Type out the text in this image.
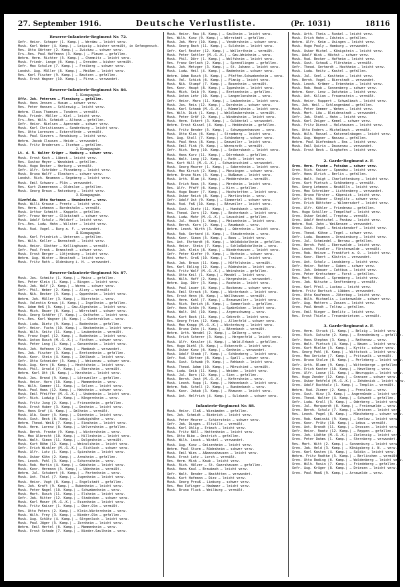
27. September 1916.	Deutsche Verlustliste.	(Pr. 1031)	18116
Reserve-Infanterie-Regiment Nr. 72.
Gefr. Heinr. Schaper (1. Komp.) — Werdau — leicht verw.
Musk. Karl Weber (4. Komp.) — Leipzig — bisher vermißt, in Gefangensch.
Res. Otto Gärtner (2. Komp.) — Zwickau — schwer verw.
Ers.-Res. Paul Hoffmann (3. Komp.) — Plauen — gefallen.
Wehrm. Herm. Richter (5. Komp.) — Chemnitz — leicht verw.
Musk. Friedr. Lange (6. Komp.) — Dresden — bisher vermißt.
Gefr. Max Schulze (7. Komp.) — Freiberg — schwer verw.
Landst. Aug. Müller (8. Komp.) — Meißen — leicht verw.
Res. Karl Fischer (9. Komp.) — Bautzen — gefallen.
Musk. Ernst Wagner (10. Komp.) — Pirna — verwundet.
Reserve-Infanterie-Regiment Nr. 86.
1. Kompagnie.
Uffz. Joh. Petersen — Flensburg — gefallen.
Musk. Hans Jensen — Husum — schwer verw.
Res. Peter Hansen — Schleswig — leicht verw.
Wehrm. Claus Thomsen — Tondern — vermißt.
Musk. Friedr. Möller — Kiel — leicht verw.
Ers.-Res. Wilh. Schmidt — Altona — gefallen.
Gefr. Heinr. Nielsen — Apenrade — schwer verw.
Musk. Karl Christiansen — Sonderburg — leicht verw.
Res. Otto Lorenzen — Eckernförde — vermißt.
Musk. Paul Sievers — Rendsburg — leicht verw.
Wehrm. Jacob Clausen — Heide — verwundet.
Musk. Fritz Brodersen — Itzehoe — gefallen.
2. Kompagnie.
Lt. d. R. Walter Krüger — Hamburg — schwer verw.
Musk. Ernst Koch — Lübeck — leicht verw.
Res. Gustav Meyer — Wandsbek — gefallen.
Musk. Hugo Becker — Harburg — vermißt.
Gefr. Alfr. Schröder — Pinneberg — leicht verw.
Musk. Bruno Wolff — Elmshorn — schwer verw.
Landst. Rich. Neumann — Segeberg — leicht verw.
Musk. Emil Schwarz — Plön — verwundet.
Res. Kurt Zimmermann — Oldesloe — gefallen.
Musk. Georg Braun — Ratzeburg — leicht verw.
3. Kompagnie.
Vizefeldw. Otto Hartmann — Neumünster — verw.
Musk. Willi Krause — Preetz — leicht verw.
Res. Herm. Lehmann — Bordesholm — vermißt.
Musk. Arthur Schmitt — Kappeln — gefallen.
Gefr. Franz Werner — Glückstadt — schwer verw.
Musk. Adolf Schulz — Meldorf — leicht verw.
Ers.-Res. Ludw. Hahn — Wilster — leicht verw.
Musk. Rud. Vogel — Burg a. F. — verwundet.
4. Kompagnie.
Musk. Karl Friedrich — Uetersen — gefallen.
Res. Wilh. Keller — Barmstedt — leicht verw.
Musk. Heinr. Günther — Kellinghusen — vermißt.
Gefr. Paul Frank — Bramstedt — schwer verw.
Musk. Ernst Berger — Lütjenburg — leicht verw.
Wehrm. Aug. Winter — Neustadt — leicht verw.
Musk. Fritz Roth — Oldenburg i. H. — verwundet.
Reserve-Infanterie-Regiment Nr. 87.
Musk. Jos. Schmitz (1. Komp.) — Mainz — gefallen.
Res. Peter Klein (1. Komp.) — Bingen — leicht verw.
Musk. Jak. Wolf (2. Komp.) — Worms — schwer verw.
Gefr. Phil. Weber (2. Komp.) — Alzey — vermißt.
Musk. Nik. Becker (3. Komp.) — Oppenheim — leicht verw.
Wehrm. Joh. Müller (3. Komp.) — Nierstein — verw.
Musk. Valentin Kraus (4. Komp.) — Ingelheim — gefallen.
Res. Adam Heß (5. Komp.) — Gau-Algesheim — leicht verw.
Musk. Mich. Bauer (6. Komp.) — Wörrstadt — schwer verw.
Musk. Georg Schäfer (7. Komp.) — Osthofen — leicht verw.
Ers.-Res. Karl Wagner (8. Komp.) — Guntersblum — verw.
Musk. Ludw. Dietz (9. Komp.) — Bodenheim — gefallen.
Gefr. Heinr. Fuchs (10. Komp.) — Nackenheim — leicht verw.
Musk. Wilh. Seitz (11. Komp.) — Laubenheim — vermißt.
Res. Franz Engel (12. Komp.) — Budenheim — leicht verw.
Musk. Anton Busch (M.-G.-K.) — Finthen — schwer verw.
Musk. Peter Lang (1. Komp.) — Gonsenheim — leicht verw.
Musk. Joh. Hofmann (2. Komp.) — Mombach — verwundet.
Res. Jak. Fischer (3. Komp.) — Bretzenheim — gefallen.
Musk. Konr. Stein (4. Komp.) — Zahlbach — leicht verw.
Gefr. Otto Schneider (5. Komp.) — Weisenau — schwer verw.
Musk. Aug. Kern (6. Komp.) — Hechtsheim — leicht verw.
Musk. Phil. Arnold (7. Komp.) — Ebersheim — vermißt.
Wehrm. Karl Ott (8. Komp.) — Harxheim — leicht verw.
Musk. Jos. Brand (9. Komp.) — Lörzweiler — gefallen.
Musk. Heinr. Horn (10. Komp.) — Mommenheim — verw.
Res. Wilh. Sommer (11. Komp.) — Selzen — leicht verw.
Musk. Paul Haas (12. Komp.) — Hahnheim — schwer verw.
Musk. Emil Pfeiffer (M.-G.-K.) — Undenheim — leicht verw.
Gefr. Rich. Ludwig (1. Komp.) — Köngernheim — verw.
Musk. Fritz Jung (2. Komp.) — Friesenheim — gefallen.
Musk. Ernst Huber (3. Komp.) — Dexheim — leicht verw.
Res. Hans Graf (4. Komp.) — Dalheim — vermißt.
Musk. Alb. Sauer (5. Komp.) — Dienheim — leicht verw.
Musk. Gust. Beck (6. Komp.) — Ludwigshöhe — verw.
Wehrm. Theod. Weiß (7. Komp.) — Eimsheim — leicht verw.
Musk. Herm. Lorenz (8. Komp.) — Uelversheim — gefallen.
Musk. Bernh. Franke (9. Komp.) — Wintersheim — verw.
Res. Max Albrecht (10. Komp.) — Hillesheim — leicht verw.
Musk. Walt. Simon (11. Komp.) — Dolgesheim — vermißt.
Musk. Kurt Böhm (12. Komp.) — Weinolsheim — leicht verw.
Gefr. Erich Winkler (M.-G.-K.) — Eichloch — schwer verw.
Musk. Alfr. Lutz (1. Komp.) — Spiesheim — leicht verw.
Musk. Oskar Kühn (2. Komp.) — Armsheim — gefallen.
Res. Leonh. Pohl (3. Komp.) — Schornsheim — verw.
Musk. Rob. Martin (4. Komp.) — Gabsheim — leicht verw.
Musk. Konr. Hermann (5. Komp.) — Udenheim — vermißt.
Wehrm. Jul. Schubert (6. Komp.) — Partenheim — verw.
Musk. Ant. Thiel (7. Komp.) — Jugenheim — leicht verw.
Musk. Heinr. Vogt (8. Komp.) — Engelstadt — gefallen.
Res. Joh. Kraft (9. Komp.) — Bubenheim — leicht verw.
Musk. Peter Nagel (10. Komp.) — Schwabenheim — verw.
Musk. Mart. Busch (11. Komp.) — Elsheim — leicht verw.
Gefr. Jak. Ritter (12. Komp.) — Stadecken — schwer verw.
Musk. Karl Moser (M.-G.-K.) — Essenheim — leicht verw.
Musk. Fritz Kaiser (1. Komp.) — Ober-Olm — vermißt.
Res. Otto Peters (2. Komp.) — Klein-Winternheim — verw.
Musk. Wilh. Frey (3. Komp.) — Nieder-Olm — gefallen.
Musk. Aug. Schütz (4. Komp.) — Sörgenloch — leicht verw.
Musk. Paul Jäger (5. Komp.) — Zornheim — leicht verw.
Wehrm. Emil Hertel (6. Komp.) — Mommenheim — verw.
Musk. Ernst Schade (7. Komp.) — Nieder-Saulheim — verw.
Musk. Heinr. Rau (8. Komp.) — Saulheim — leicht verw.
Res. Wilh. Kunz (9. Komp.) — Wörrstadt — gefallen.
Musk. Jak. Merz (10. Komp.) — Vendersheim — schwer verw.
Musk. Georg Bach (11. Komp.) — Sulzheim — leicht verw.
Gefr. Karl Reuter (12. Komp.) — Wallertheim — vermißt.
Musk. Peter Sattler (M.-G.-K.) — Gau-Weinheim — verw.
Musk. Phil. Dörr (1. Komp.) — Wolfsheim — leicht verw.
Res. Franz Gerlach (2. Komp.) — Sprendlingen — gefallen.
Musk. Joh. Metzger (3. Komp.) — St. Johann — leicht verw.
Musk. Ludw. Heil (4. Komp.) — Badenheim — schwer verw.
Wehrm. Adam Busch (5. Komp.) — Pfaffen-Schwabenheim — verw.
Musk. Val. Schick (6. Komp.) — Planig — leicht verw.
Musk. Nik. Stumpf (7. Komp.) — Bosenheim — vermißt.
Res. Konr. Haupt (8. Komp.) — Ippesheim — leicht verw.
Musk. Mich. Seib (9. Komp.) — Bretzenheim — gefallen.
Musk. Anton Lehr (10. Komp.) — Langenlonsheim — verw.
Gefr. Heinr. Marx (11. Komp.) — Laubenheim — leicht verw.
Musk. Jos. Reis (12. Komp.) — Dorsheim — schwer verw.
Musk. Karl Schaab (M.-G.-K.) — Rümmelsheim — leicht verw.
Res. Wilh. Dick (1. Komp.) — Waldlaubersheim — vermißt.
Musk. Peter Gräf (2. Komp.) — Windesheim — leicht verw.
Musk. Herm. Eckert (3. Komp.) — Guldental — verwundet.
Wehrm. Ernst Kissel (4. Komp.) — Heddesheim — gefallen.
Musk. Fritz Bender (5. Komp.) — Schweppenhausen — verw.
Musk. Otto Klos (6. Komp.) — Stromberg — leicht verw.
Res. Aug. Stoll (7. Komp.) — Schöneberg — schwer verw.
Musk. Paul Hess (8. Komp.) — Daxweiler — leicht verw.
Musk. Emil Fink (9. Komp.) — Warmsroth — vermißt.
Gefr. Rich. Berg (10. Komp.) — Seibersbach — leicht verw.
Musk. Hans Kurz (11. Komp.) — Dörrebach — gefallen.
Musk. Walt. Lang (12. Komp.) — Roth — leicht verw.
Res. Kurt Hill (M.-G.-K.) — Schweinschied — verwundet.
Musk. Georg Maurer (1. Komp.) — Sobernheim — leicht verw.
Musk. Max Kirsch (2. Komp.) — Monzingen — schwer verw.
Wehrm. Bruno Ries (3. Komp.) — Nußbaum — leicht verw.
Musk. Arth. Blum (4. Komp.) — Meddersheim — vermißt.
Musk. Erich Roos (5. Komp.) — Merxheim — leicht verw.
Res. Alfr. Pfaff (6. Komp.) — Kirn — gefallen.
Musk. Hugo Bauer (7. Komp.) — Hochstetten — leicht verw.
Musk. Oskar Reich (8. Komp.) — Martinstein — verw.
Gefr. Adolf Ost (9. Komp.) — Simmertal — schwer verw.
Musk. Rud. Faß (10. Komp.) — Bärweiler — leicht verw.
Musk. Gust. Dietz (11. Komp.) — Hundsbach — vermißt.
Res. Theod. Zorn (12. Komp.) — Becherbach — leicht verw.
Musk. Ludw. Mohr (M.-G.-K.) — Lauschied — gefallen.
Musk. Jul. Hauck (1. Komp.) — Meisenheim — leicht verw.
Musk. Bernh. Korn (2. Komp.) — Raumbach — verw.
Wehrm. Leonh. Wirth (3. Komp.) — Odernheim — leicht verw.
Musk. Rob. Gerhard (4. Komp.) — Staudernheim — verw.
Musk. Konr. Simon (5. Komp.) — Boos — leicht verw.
Res. Ant. Ehrhardt (6. Komp.) — Waldböckelheim — gefallen.
Musk. Heinr. Stein (7. Komp.) — Schloßböckelheim — verw.
Musk. Joh. Klein (8. Komp.) — Niederhausen — leicht verw.
Gefr. Peter Kiefer (9. Komp.) — Norheim — schwer verw.
Musk. Mart. Groß (10. Komp.) — Traisen — leicht verw.
Musk. Jak. Braun (11. Komp.) — Hüffelsheim — vermißt.
Res. Karl Ebling (12. Komp.) — Rüdesheim — leicht verw.
Musk. Fritz Wolf (M.-G.-K.) — Weinsheim — gefallen.
Musk. Otto Keil (1. Komp.) — Mandel — leicht verw.
Musk. Wilh. Hoff (2. Komp.) — Hargesheim — verwundet.
Wehrm. Aug. Dörr (3. Komp.) — Roxheim — leicht verw.
Musk. Paul Lauer (4. Komp.) — Bockenau — schwer verw.
Musk. Emil Strack (5. Komp.) — Winterbach — leicht verw.
Res. Ernst Henn (6. Komp.) — Wallhausen — vermißt.
Musk. Herm. Kohl (7. Komp.) — Braunweiler — leicht verw.
Musk. Rich. Emrich (8. Komp.) — Sommerloch — gefallen.
Gefr. Hans Schön (9. Komp.) — Spabrücken — leicht verw.
Musk. Walt. Ohl (10. Komp.) — Argenschwang — verw.
Musk. Kurt Bock (11. Komp.) — Gebroth — leicht verw.
Res. Georg Fries (12. Komp.) — Allenfeld — schwer verw.
Musk. Max Knapp (M.-G.-K.) — Winterburg — leicht verw.
Musk. Bruno Zahn (1. Komp.) — Bärenbach — vermißt.
Wehrm. Arth. Wendel (2. Komp.) — Dalberg — verw.
Musk. Erich Scherer (3. Komp.) — Hergenfeld — leicht verw.
Musk. Alfr. Kessler (4. Komp.) — Wald-Erbach — gefallen.
Res. Hugo Diehl (5. Komp.) — Eckenroth — leicht verw.
Musk. Oskar Kunz (6. Komp.) — Genheim — verwundet.
Musk. Adolf Staab (7. Komp.) — Schöneberg — leicht verw.
Gefr. Rud. Gärtner (8. Komp.) — Spall — schwer verw.
Musk. Gust. Schwab (9. Komp.) — Rehbach — leicht verw.
Musk. Theod. Adam (10. Komp.) — Mörschied — vermißt.
Res. Ludw. Geib (11. Komp.) — Weiden — leicht verw.
Musk. Jul. Born (12. Komp.) — Sien — gefallen.
Musk. Bernh. Jost (M.-G.-K.) — Kefersheim — verw.
Musk. Leonh. Rupp (1. Komp.) — Hahnenbach — leicht verw.
Wehrm. Rob. Schell (2. Komp.) — Bundenbach — verw.
Musk. Konr. Jakob (3. Komp.) — Rhaunen — leicht verw.
Musk. Ant. Helfrich (4. Komp.) — Sulzbach — schwer verw.
Infanterie-Regiment Nr. 88.
Musk. Heinr. Claß — Wiesbaden — gefallen.
Res. Joh. Schmidt — Biebrich — leicht verw.
Musk. Peter Meurer — Schierstein — schwer verw.
Gefr. Jak. Dinges — Eltville — vermißt.
Musk. Karl Ohlig — Erbach — leicht verw.
Musk. Fritz Nöll — Hattenheim — leicht verw.
Res. Otto Bibo — Oestrich — gefallen.
Musk. Wilh. Lauck — Winkel — verwundet.
Musk. Aug. Kunz — Geisenheim — leicht verw.
Wehrm. Paul Sturm — Rüdesheim — schwer verw.
Musk. Emil Wies — Aßmannshausen — leicht verw.
Musk. Ernst Lotz — Lorch — vermißt.
Res. Herm. Mink — Kaub — leicht verw.
Musk. Rich. Hölzer — St. Goarshausen — gefallen.
Musk. Hans Kaul — Braubach — leicht verw.
Gefr. Walt. Bender — Nastätten — verwundet.
Musk. Kurt Hofmann — Diez — leicht verw.
Musk. Georg Preuß — Limburg — schwer verw.
Res. Max Eufinger — Hadamar — leicht verw.
Musk. Bruno Fluck — Weilburg — vermißt.
Musk. Arth. Theis — Runkel — leicht verw.
Musk. Erich Hahn — Idstein — gefallen.
Wehrm. Alfr. Keim — Usingen — leicht verw.
Musk. Hugo Pauly — Homburg — verwundet.
Musk. Oskar Michel — Königstein — leicht verw.
Res. Adolf Wink — Höchst — schwer verw.
Musk. Rud. Becker — Hofheim — leicht verw.
Musk. Gust. Schauß — Flörsheim — vermißt.
Gefr. Theod. Gerhardt — Hochheim — leicht verw.
Musk. Ludw. Reitz — Kastel — gefallen.
Musk. Jul. Seel — Kostheim — leicht verw.
Res. Bernh. Vogel — Bierstadt — verwundet.
Musk. Leonh. Krämer — Erbenheim — leicht verw.
Musk. Rob. Haub — Sonnenberg — schwer verw.
Wehrm. Konr. Lenz — Dotzheim — leicht verw.
Musk. Ant. Kilian — Frauenstein — vermißt.
Musk. Heinr. Ruppert — Schwalbach — leicht verw.
Res. Joh. Weil — Schlangenbad — gefallen.
Musk. Peter Gemmer — Wehen — leicht verw.
Musk. Mart. Löw — Bleidenstadt — verwundet.
Gefr. Jak. Stahl — Hahn — leicht verw.
Musk. Karl Zeiger — Kemel — schwer verw.
Musk. Fritz Dienst — Holzhausen — leicht verw.
Res. Otto Enders — Michelbach — vermißt.
Musk. Wilh. Rossel — Katzenelnbogen — leicht verw.
Musk. Aug. Wagner — Nassau — gefallen.
Wehrm. Paul Diefenbach — Ems — leicht verw.
Musk. Emil Quirin — Dausenau — verwundet.
Musk. Ernst Beck — Singhofen — leicht verw.
2. Garde-Regiment z. F.
Gren. Herm. Franke — Potsdam — schwer verw.
Gren. Rich. Kaiser — Spandau — leicht verw.
Gefr. Hans Ulrich — Berlin — gefallen.
Gren. Walt. Voigt — Charlottenburg — leicht verw.
Gren. Kurt Pietsch — Schöneberg — vermißt.
Res. Georg Lehmann — Neukölln — leicht verw.
Gren. Max Schreiber — Lichtenberg — verwundet.
Gren. Bruno Förster — Köpenick — leicht verw.
Gefr. Arth. Hübner — Steglitz — schwer verw.
Gren. Erich Böttcher — Wilmersdorf — leicht verw.
Gren. Alfr. Köhler — Friedenau — gefallen.
Res. Hugo Schiller — Tempelhof — leicht verw.
Gren. Oskar Seidel — Treptow — vermißt.
Gren. Adolf Hentschel — Pankow — leicht verw.
Wehrm. Rud. Jahn — Weißensee — verwundet.
Gren. Gust. Engel — Reinickendorf — leicht verw.
Gren. Theod. Kühne — Tegel — schwer verw.
Gefr. Ludw. Baumann — Oranienburg — leicht verw.
Gren. Jul. Schmiedel — Bernau — gefallen.
Gren. Bernh. Pohl — Eberswalde — leicht verw.
Res. Leonh. Fiedler — Fürstenwalde — vermißt.
Gren. Rob. Heinze — Frankfurt a. O. — leicht verw.
Gren. Konr. Ebert — Küstrin — verwundet.
Gren. Ant. Scholz — Landsberg — leicht verw.
Gefr. Heinr. Rother — Guben — schwer verw.
Gren. Joh. Gebauer — Cottbus — leicht verw.
Gren. Peter Kretschmer — Forst — gefallen.
Res. Mart. Hänsel — Spremberg — leicht verw.
Gren. Jak. Nitsche — Senftenberg — vermißt.
Gren. Karl Pfeil — Luckau — leicht verw.
Wehrm. Fritz Bartsch — Lübben — verwundet.
Gren. Otto Kaufmann — Jüterbog — leicht verw.
Gren. Wilh. Michaelis — Luckenwalde — schwer verw.
Gefr. Aug. Mattern — Zossen — leicht verw.
Gren. Paul Wendt — Teltow — gefallen.
Gren. Emil Rieger — Beelitz — leicht verw.
Res. Ernst Thiele — Treuenbrietzen — vermißt.
3. Garde-Regiment z. F.
Gren. Herm. Struck (1. Komp.) — Belzig — leicht verw.
Gren. Rich. Gutsche (2. Komp.) — Brandenburg — gefallen.
Gefr. Hans Stephan (3. Komp.) — Rathenow — verw.
Gren. Walt. Pietsch (4. Komp.) — Nauen — leicht verw.
Gren. Kurt Mielke (5. Komp.) — Kyritz — schwer verw.
Res. Georg Pahl (6. Komp.) — Wittstock — leicht verw.
Gren. Max Gericke (7. Komp.) — Pritzwalk — vermißt.
Gren. Bruno Stolze (8. Komp.) — Perleberg — leicht verw.
Gefr. Arth. Blume (9. Komp.) — Wittenberge — gefallen.
Gren. Erich Kanter (10. Komp.) — Havelberg — verw.
Gren. Alfr. Loose (11. Komp.) — Neuruppin — leicht verw.
Res. Hugo Zander (12. Komp.) — Gransee — schwer verw.
Gren. Oskar Rehfeld (M.-G.-K.) — Zehdenick — leicht verw.
Gren. Adolf Buchholz (1. Komp.) — Templin — vermißt.
Wehrm. Rud. Ziemer (2. Komp.) — Prenzlau — verw.
Gren. Gust. Hinz (3. Komp.) — Angermünde — leicht verw.
Gren. Theod. Wolter (4. Komp.) — Schwedt — gefallen.
Gefr. Ludw. Kroll (5. Komp.) — Oderberg — leicht verw.
Gren. Jul. Marquardt (6. Komp.) — Freienwalde — verw.
Gren. Bernh. Schulz (7. Komp.) — Wriezen — leicht verw.
Res. Leonh. Pagel (8. Komp.) — Müncheberg — schwer verw.
Gren. Rob. Kaminski (9. Komp.) — Seelow — leicht verw.
Gren. Konr. Prütz (10. Komp.) — Lebus — vermißt.
Gren. Ant. Brandt (11. Komp.) — Drossen — leicht verw.
Gefr. Heinr. Raatz (12. Komp.) — Reppen — gefallen.
Gren. Joh. Lüdtke (M.-G.-K.) — Zielenzig — leicht verw.
Gren. Peter Dahms (1. Komp.) — Sternberg — verwundet.
Res. Mart. Witt (2. Komp.) — Sonnenburg — leicht verw.
Gren. Jak. Held (3. Komp.) — Königsberg i. N. — verw.
Gren. Karl Kasten (4. Komp.) — Soldin — leicht verw.
Wehrm. Fritz Radtke (5. Komp.) — Berlinchen — vermißt.
Gren. Otto Bading (6. Komp.) — Woldenberg — leicht verw.
Gren. Wilh. Rosin (7. Komp.) — Friedeberg — gefallen.
Gefr. Aug. Krüger (8. Komp.) — Driesen — leicht verw.
Gren. Paul Maaß (9. Komp.) — Arnswalde — verw.
